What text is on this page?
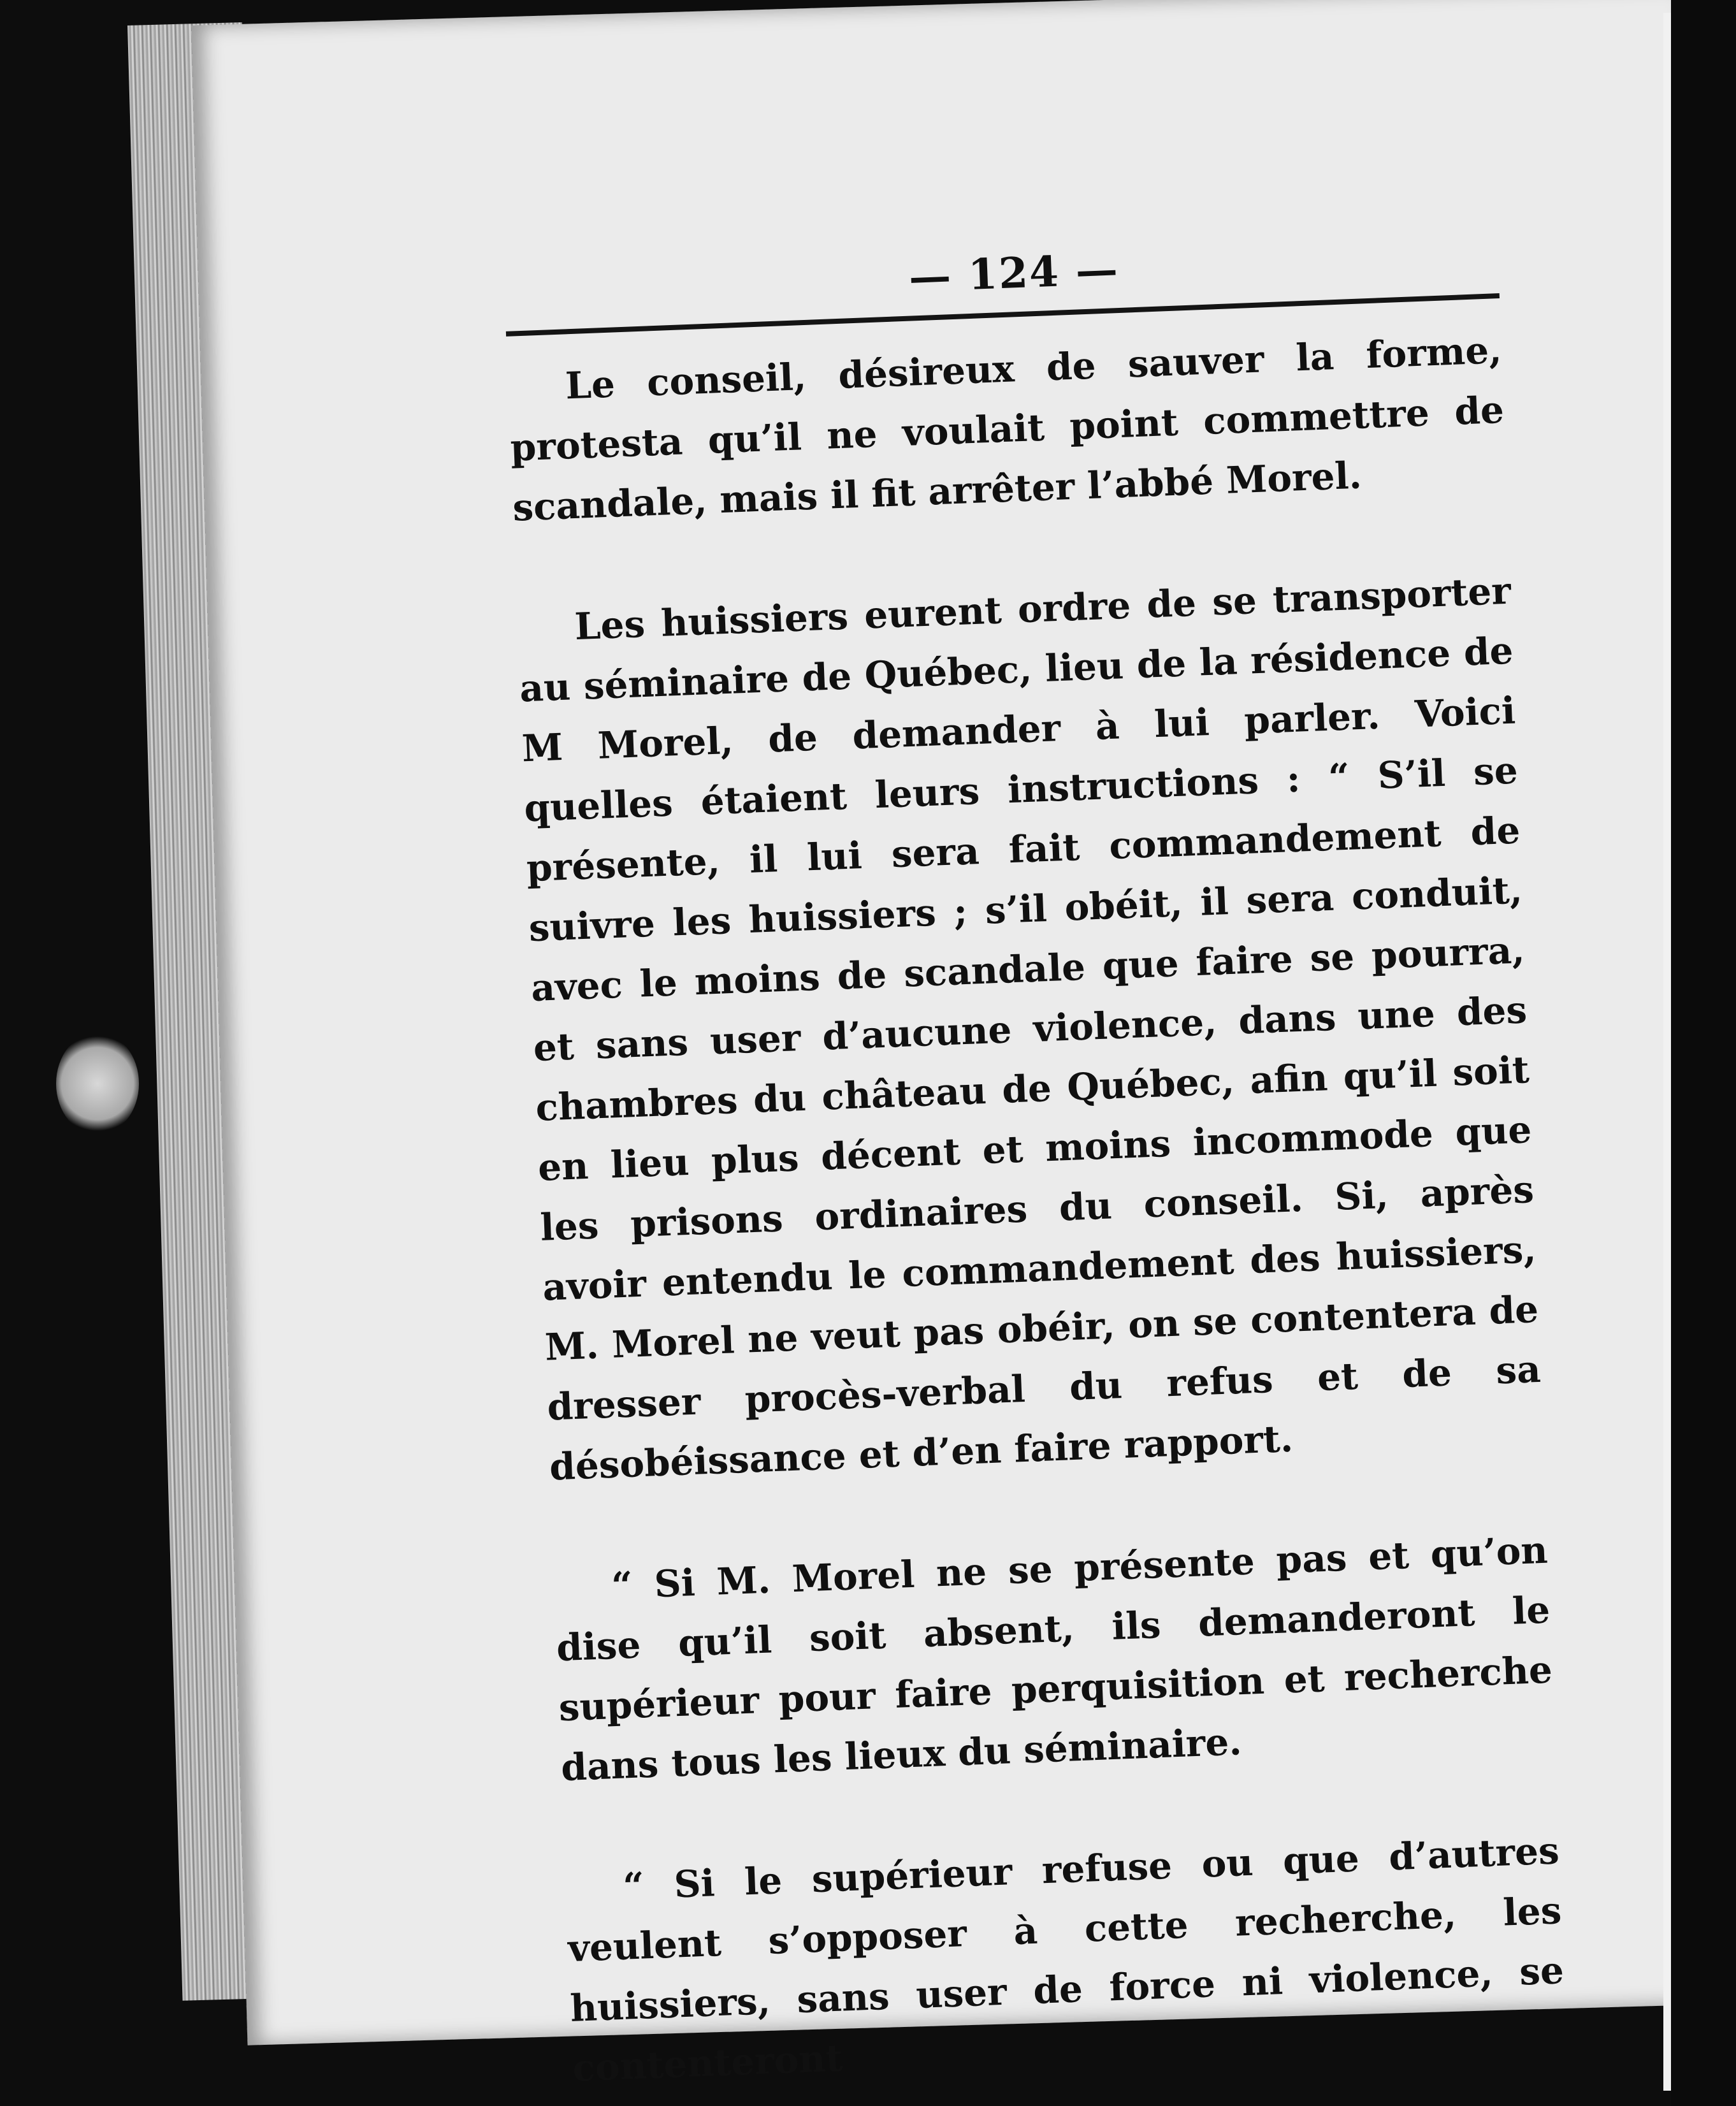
— 124 —

Le conseil, désireux de sauver la forme, protesta qu’il ne voulait point commettre de scandale, mais il fit arrêter l’abbé Morel.

Les huissiers eurent ordre de se transporter au séminaire de Québec, lieu de la résidence de M Morel, de demander à lui parler. Voici quelles étaient leurs instructions : “ S’il se présente, il lui sera fait commandement de suivre les huissiers ; s’il obéit, il sera conduit, avec le moins de scandale que faire se pourra, et sans user d’aucune violence, dans une des chambres du château de Québec, afin qu’il soit en lieu plus décent et moins incommode que les prisons ordinaires du conseil. Si, après avoir entendu le commandement des huissiers, M. Morel ne veut pas obéir, on se contentera de dresser procès-verbal du refus et de sa désobéissance et d’en faire rapport.

“ Si M. Morel ne se présente pas et qu’on dise qu’il soit absent, ils demanderont le supérieur pour faire perquisition et recherche dans tous les lieux du séminaire.

“ Si le supérieur refuse ou que d’autres veulent s’opposer à cette recherche, les huissiers, sans user de force ni violence, se contenteront
